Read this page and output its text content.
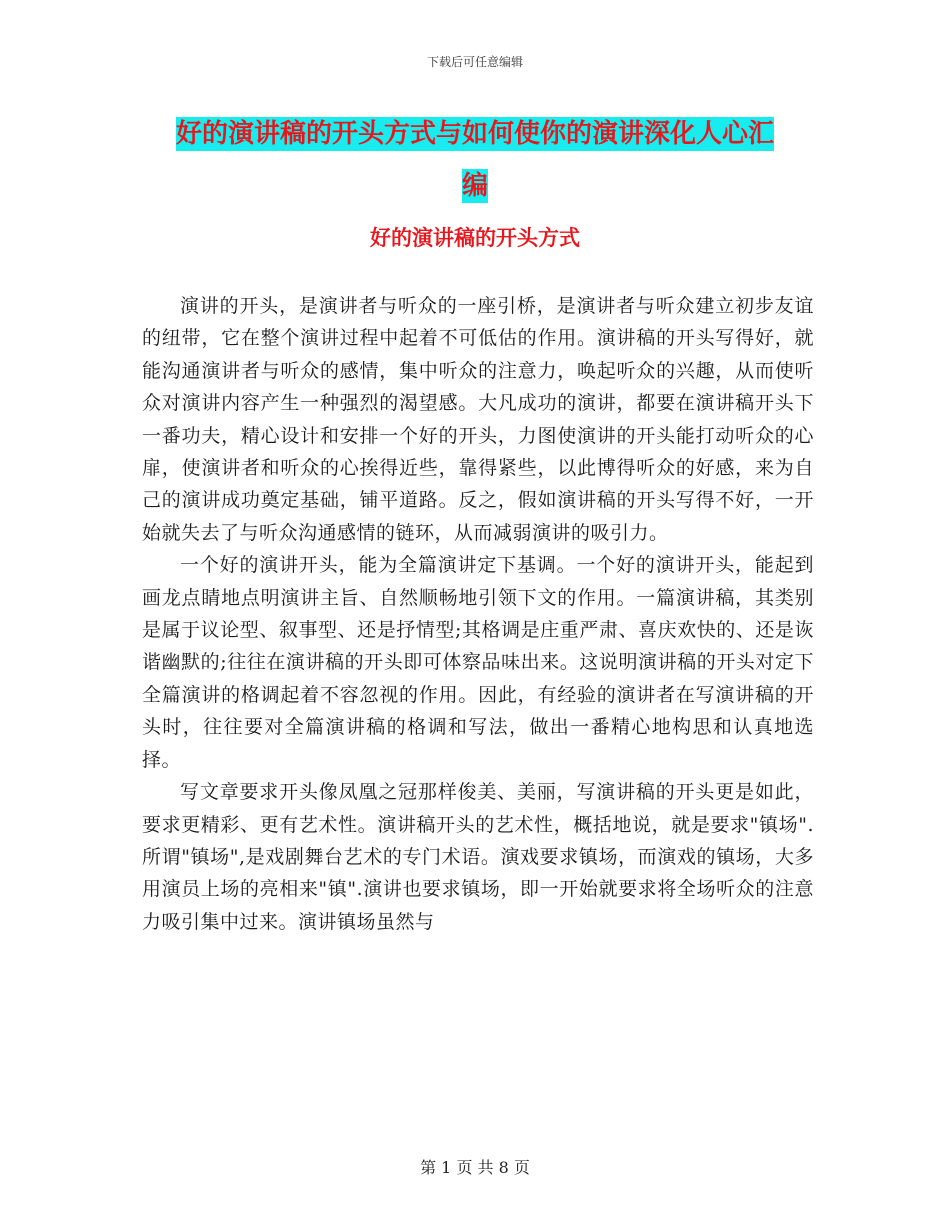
下载后可任意编辑
好的演讲稿的开头方式与如何使你的演讲深化人心汇
编
好的演讲稿的开头方式

演讲的开头，是演讲者与听众的一座引桥，是演讲者与听众建立初步友谊的纽带，它在整个演讲过程中起着不可低估的作用。演讲稿的开头写得好，就能沟通演讲者与听众的感情，集中听众的注意力，唤起听众的兴趣，从而使听众对演讲内容产生一种强烈的渴望感。大凡成功的演讲，都要在演讲稿开头下一番功夫，精心设计和安排一个好的开头，力图使演讲的开头能打动听众的心扉，使演讲者和听众的心挨得近些，靠得紧些，以此博得听众的好感，来为自己的演讲成功奠定基础，铺平道路。反之，假如演讲稿的开头写得不好，一开始就失去了与听众沟通感情的链环，从而减弱演讲的吸引力。

一个好的演讲开头，能为全篇演讲定下基调。一个好的演讲开头，能起到画龙点睛地点明演讲主旨、自然顺畅地引领下文的作用。一篇演讲稿，其类别是属于议论型、叙事型、还是抒情型;其格调是庄重严肃、喜庆欢快的、还是诙谐幽默的;往往在演讲稿的开头即可体察品味出来。这说明演讲稿的开头对定下全篇演讲的格调起着不容忽视的作用。因此，有经验的演讲者在写演讲稿的开头时，往往要对全篇演讲稿的格调和写法，做出一番精心地构思和认真地选择。

写文章要求开头像凤凰之冠那样俊美、美丽，写演讲稿的开头更是如此，要求更精彩、更有艺术性。演讲稿开头的艺术性，概括地说，就是要求"镇场".所谓"镇场",是戏剧舞台艺术的专门术语。演戏要求镇场，而演戏的镇场，大多用演员上场的亮相来"镇".演讲也要求镇场，即一开始就要求将全场听众的注意力吸引集中过来。演讲镇场虽然与

第 1 页 共 8 页
